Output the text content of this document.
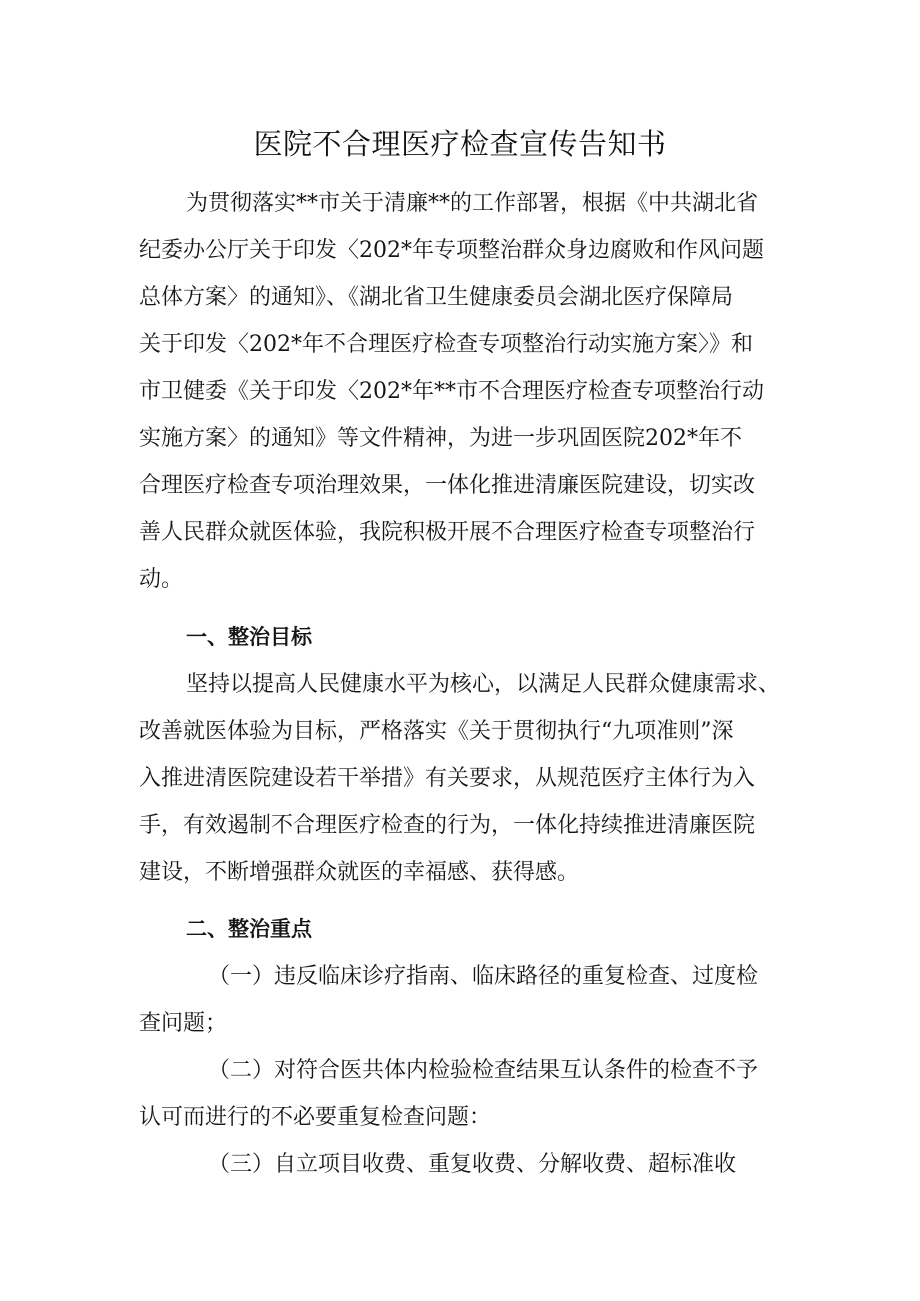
医院不合理医疗检查宣传告知书
为贯彻落实**市关于清廉**的工作部署，根据《中共湖北省
纪委办公厅关于印发〈202*年专项整治群众身边腐败和作风问题
总体方案〉的通知》、《湖北省卫生健康委员会湖北医疗保障局
关于印发〈202*年不合理医疗检查专项整治行动实施方案〉》和
市卫健委《关于印发〈202*年**市不合理医疗检查专项整治行动
实施方案〉的通知》等文件精神，为进一步巩固医院202*年不
合理医疗检查专项治理效果，一体化推进清廉医院建设，切实改
善人民群众就医体验，我院积极开展不合理医疗检查专项整治行
动。
一、整治目标
坚持以提高人民健康水平为核心，以满足人民群众健康需求、
改善就医体验为目标，严格落实《关于贯彻执行“九项准则”深
入推进清医院建设若干举措》有关要求，从规范医疗主体行为入
手，有效遏制不合理医疗检查的行为，一体化持续推进清廉医院
建设，不断增强群众就医的幸福感、获得感。
二、整治重点
（一）违反临床诊疗指南、临床路径的重复检查、过度检
查问题；
（二）对符合医共体内检验检查结果互认条件的检查不予
认可而进行的不必要重复检查问题：
（三）自立项目收费、重复收费、分解收费、超标准收
